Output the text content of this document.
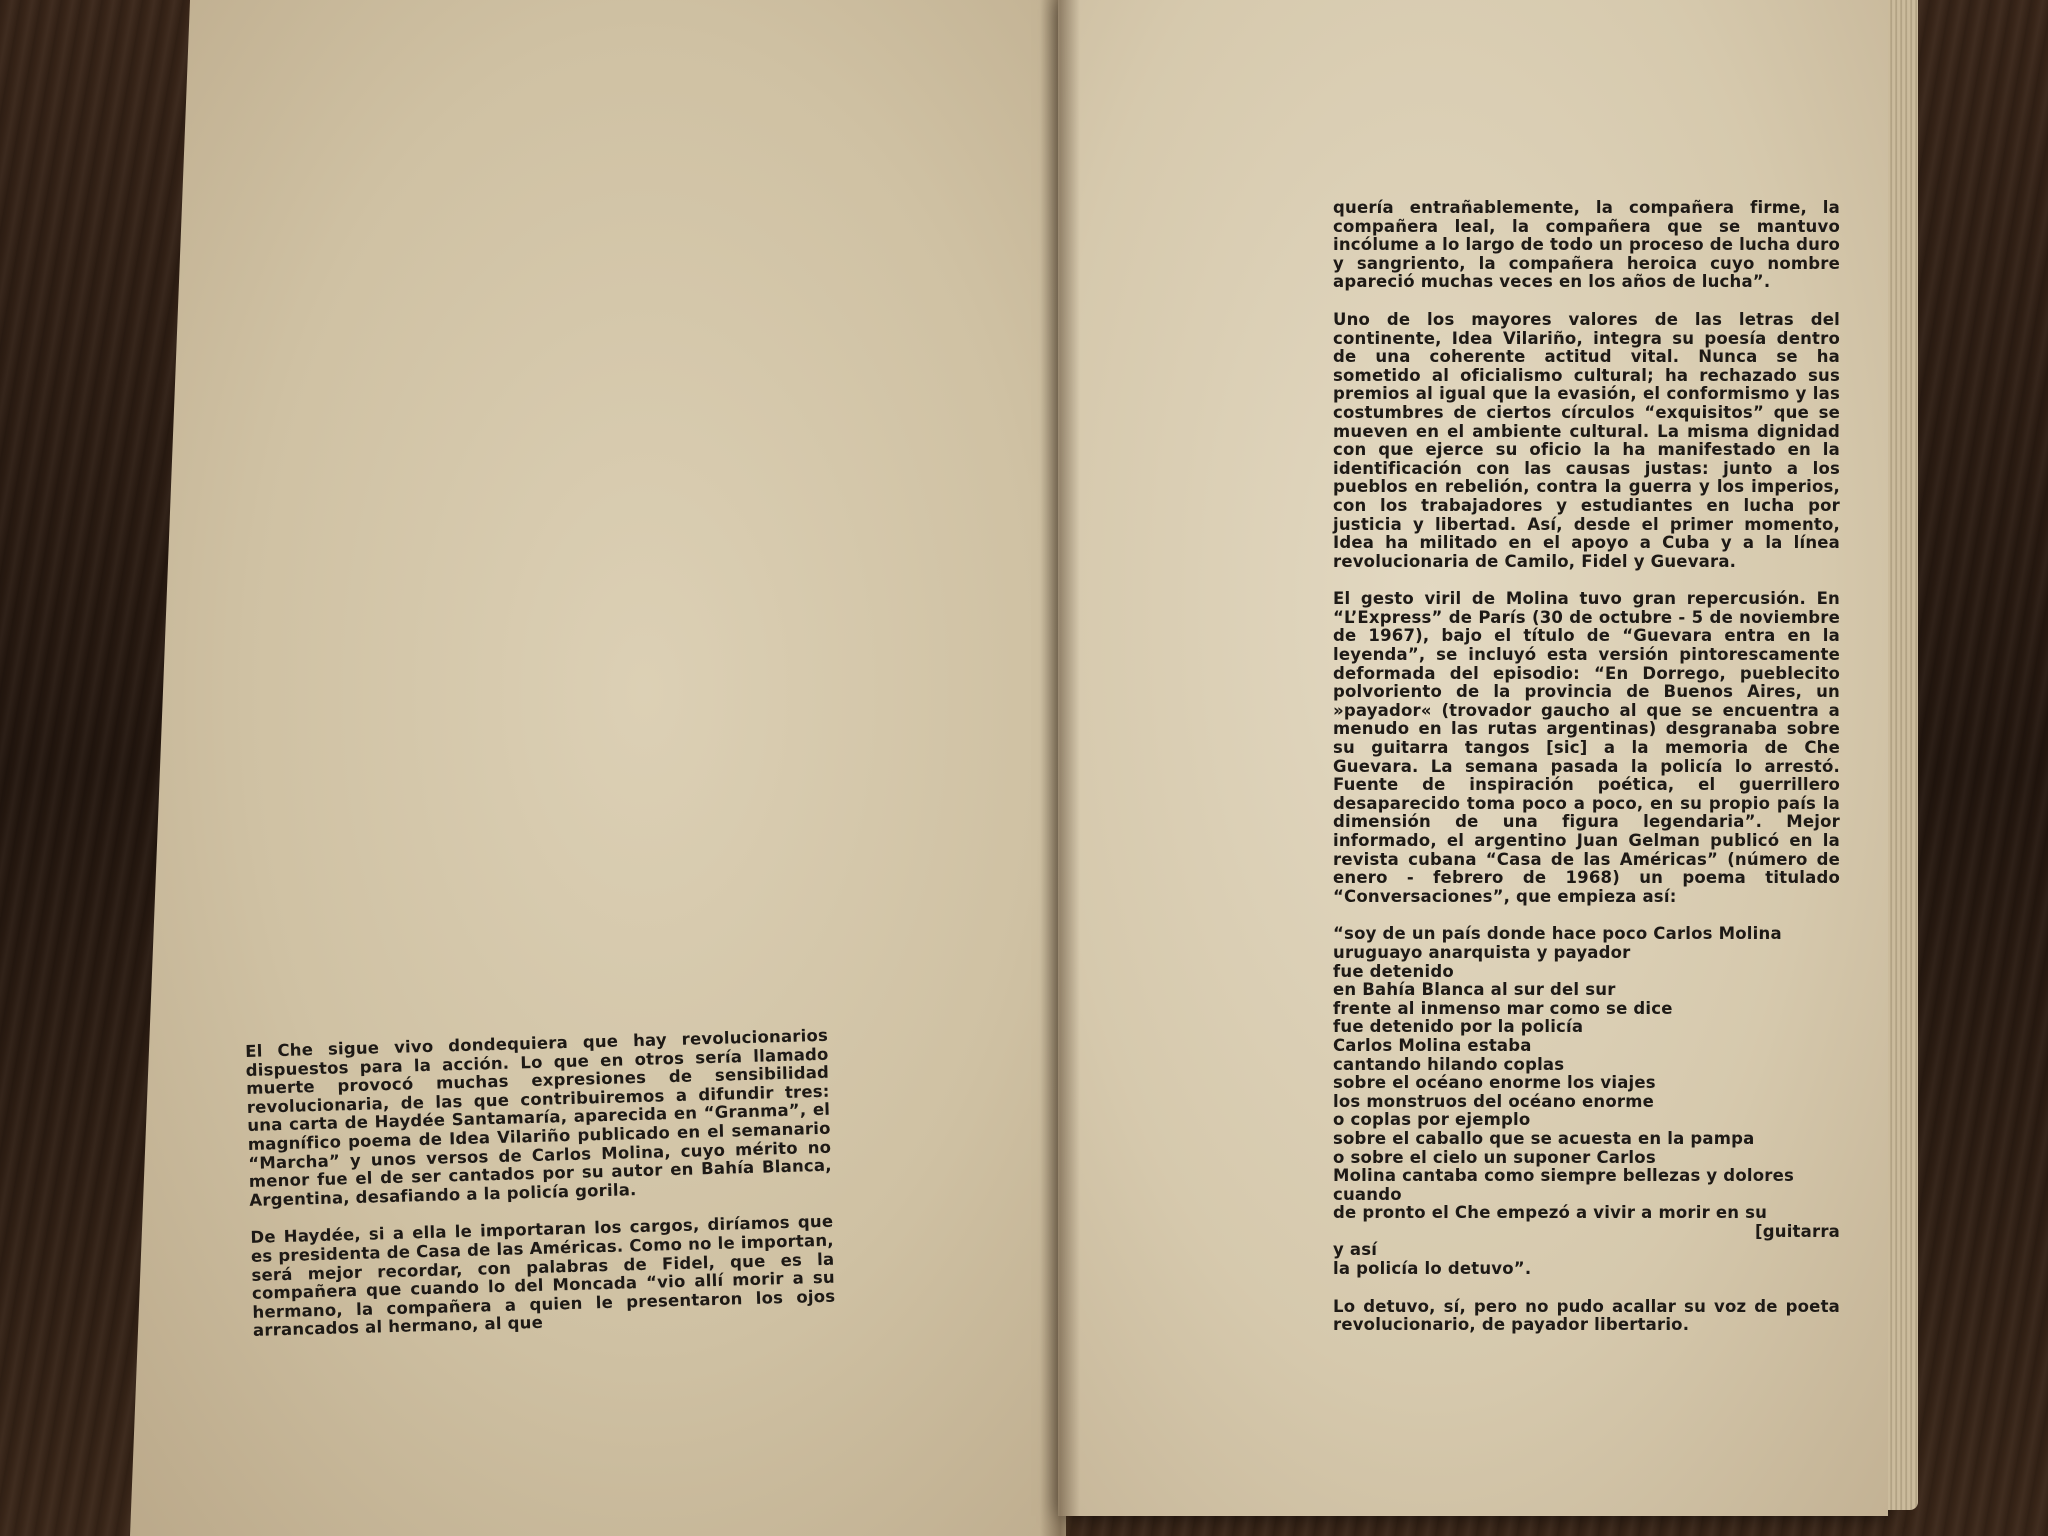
El Che sigue vivo dondequiera que hay revolucionarios dispuestos para la acción. Lo que en otros sería llamado muerte provocó muchas expresiones de sensibilidad revolucionaria, de las que contribuiremos a difundir tres: una carta de Haydée Santamaría, aparecida en “Granma”, el magnífico poema de Idea Vilariño publicado en el semanario “Marcha” y unos versos de Carlos Molina, cuyo mérito no menor fue el de ser cantados por su autor en Bahía Blanca, Argentina, desafiando a la policía gorila.

De Haydée, si a ella le importaran los cargos, diríamos que es presidenta de Casa de las Américas. Como no le importan, será mejor recordar, con palabras de Fidel, que es la compañera que cuando lo del Moncada “vio allí morir a su hermano, la compañera a quien le presentaron los ojos arrancados al hermano, al que

quería entrañablemente, la compañera firme, la compañera leal, la compañera que se mantuvo incólume a lo largo de todo un proceso de lucha duro y sangriento, la compañera heroica cuyo nombre apareció muchas veces en los años de lucha”.

Uno de los mayores valores de las letras del continente, Idea Vilariño, integra su poesía dentro de una coherente actitud vital. Nunca se ha sometido al oficialismo cultural; ha rechazado sus premios al igual que la evasión, el conformismo y las costumbres de ciertos círculos “exquisitos” que se mueven en el ambiente cultural. La misma dignidad con que ejerce su oficio la ha manifestado en la identificación con las causas justas: junto a los pueblos en rebelión, contra la guerra y los imperios, con los trabajadores y estudiantes en lucha por justicia y libertad. Así, desde el primer momento, Idea ha militado en el apoyo a Cuba y a la línea revolucionaria de Camilo, Fidel y Guevara.

El gesto viril de Molina tuvo gran repercusión. En “L’Express” de París (30 de octubre - 5 de noviembre de 1967), bajo el título de “Guevara entra en la leyenda”, se incluyó esta versión pintorescamente deformada del episodio: “En Dorrego, pueblecito polvoriento de la provincia de Buenos Aires, un »payador« (trovador gaucho al que se encuentra a menudo en las rutas argentinas) desgranaba sobre su guitarra tangos [sic] a la memoria de Che Guevara. La semana pasada la policía lo arrestó. Fuente de inspiración poética, el guerrillero desaparecido toma poco a poco, en su propio país la dimensión de una figura legendaria”. Mejor informado, el argentino Juan Gelman publicó en la revista cubana “Casa de las Américas” (número de enero - febrero de 1968) un poema titulado “Conversaciones”, que empieza así:

“soy de un país donde hace poco Carlos Molina
uruguayo anarquista y payador
fue detenido
en Bahía Blanca al sur del sur
frente al inmenso mar como se dice
fue detenido por la policía
Carlos Molina estaba
cantando hilando coplas
sobre el océano enorme los viajes
los monstruos del océano enorme
o coplas por ejemplo
sobre el caballo que se acuesta en la pampa
o sobre el cielo un suponer Carlos
Molina cantaba como siempre bellezas y dolores
cuando
de pronto el Che empezó a vivir a morir en su
[guitarra
y así
la policía lo detuvo”.

Lo detuvo, sí, pero no pudo acallar su voz de poeta revolucionario, de payador libertario.
